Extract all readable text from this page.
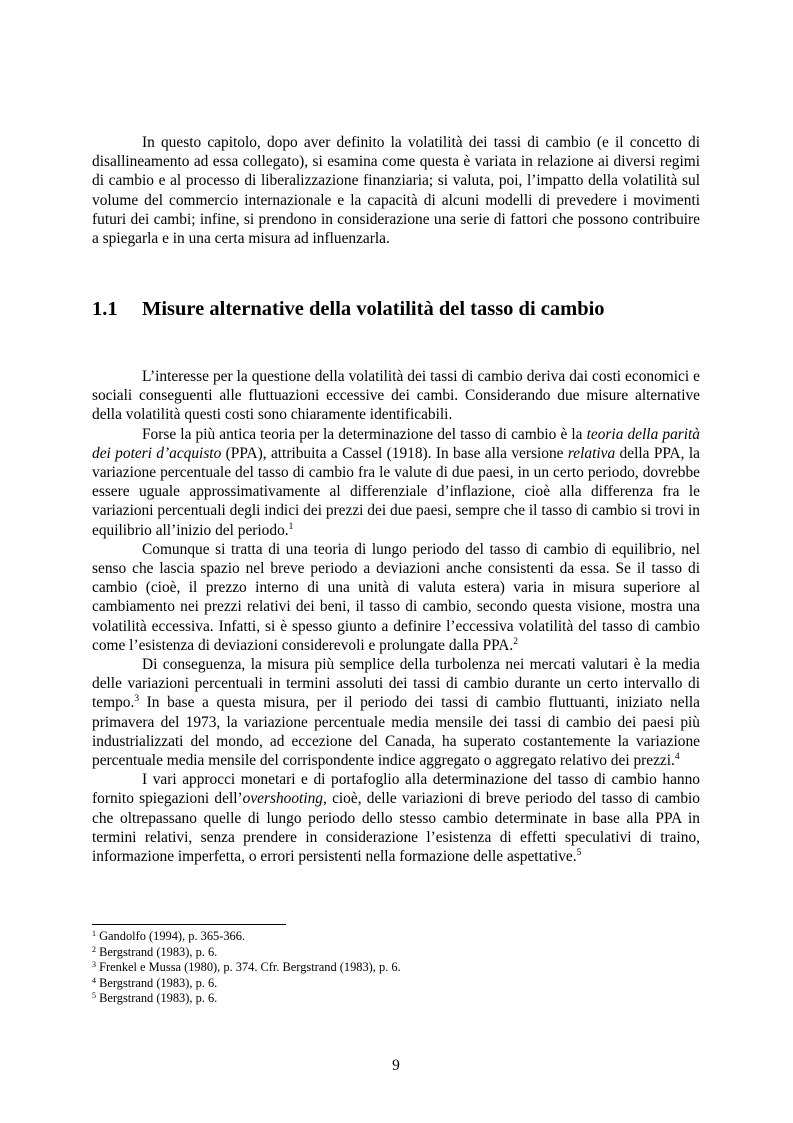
In questo capitolo, dopo aver definito la volatilità dei tassi di cambio (e il concetto di disallineamento ad essa collegato), si esamina come questa è variata in relazione ai diversi regimi di cambio e al processo di liberalizzazione finanziaria; si valuta, poi, l’impatto della volatilità sul volume del commercio internazionale e la capacità di alcuni modelli di prevedere i movimenti futuri dei cambi; infine, si prendono in considerazione una serie di fattori che possono contribuire a spiegarla e in una certa misura ad influenzarla.

1.1 Misure alternative della volatilità del tasso di cambio

L’interesse per la questione della volatilità dei tassi di cambio deriva dai costi economici e sociali conseguenti alle fluttuazioni eccessive dei cambi. Considerando due misure alternative della volatilità questi costi sono chiaramente identificabili.

Forse la più antica teoria per la determinazione del tasso di cambio è la teoria della parità dei poteri d’acquisto (PPA), attribuita a Cassel (1918). In base alla versione relativa della PPA, la variazione percentuale del tasso di cambio fra le valute di due paesi, in un certo periodo, dovrebbe essere uguale approssimativamente al differenziale d’inflazione, cioè alla differenza fra le variazioni percentuali degli indici dei prezzi dei due paesi, sempre che il tasso di cambio si trovi in equilibrio all’inizio del periodo.$^1$

Comunque si tratta di una teoria di lungo periodo del tasso di cambio di equilibrio, nel senso che lascia spazio nel breve periodo a deviazioni anche consistenti da essa. Se il tasso di cambio (cioè, il prezzo interno di una unità di valuta estera) varia in misura superiore al cambiamento nei prezzi relativi dei beni, il tasso di cambio, secondo questa visione, mostra una volatilità eccessiva. Infatti, si è spesso giunto a definire l’eccessiva volatilità del tasso di cambio come l’esistenza di deviazioni considerevoli e prolungate dalla PPA.$^2$

Di conseguenza, la misura più semplice della turbolenza nei mercati valutari è la media delle variazioni percentuali in termini assoluti dei tassi di cambio durante un certo intervallo di tempo.$^3$ In base a questa misura, per il periodo dei tassi di cambio fluttuanti, iniziato nella primavera del 1973, la variazione percentuale media mensile dei tassi di cambio dei paesi più industrializzati del mondo, ad eccezione del Canada, ha superato costantemente la variazione percentuale media mensile del corrispondente indice aggregato o aggregato relativo dei prezzi.$^4$

I vari approcci monetari e di portafoglio alla determinazione del tasso di cambio hanno fornito spiegazioni dell’overshooting, cioè, delle variazioni di breve periodo del tasso di cambio che oltrepassano quelle di lungo periodo dello stesso cambio determinate in base alla PPA in termini relativi, senza prendere in considerazione l’esistenza di effetti speculativi di traino, informazione imperfetta, o errori persistenti nella formazione delle aspettative.$^5$

$^1$ Gandolfo (1994), p. 365-366.
$^2$ Bergstrand (1983), p. 6.
$^3$ Frenkel e Mussa (1980), p. 374. Cfr. Bergstrand (1983), p. 6.
$^4$ Bergstrand (1983), p. 6.
$^5$ Bergstrand (1983), p. 6.
9
